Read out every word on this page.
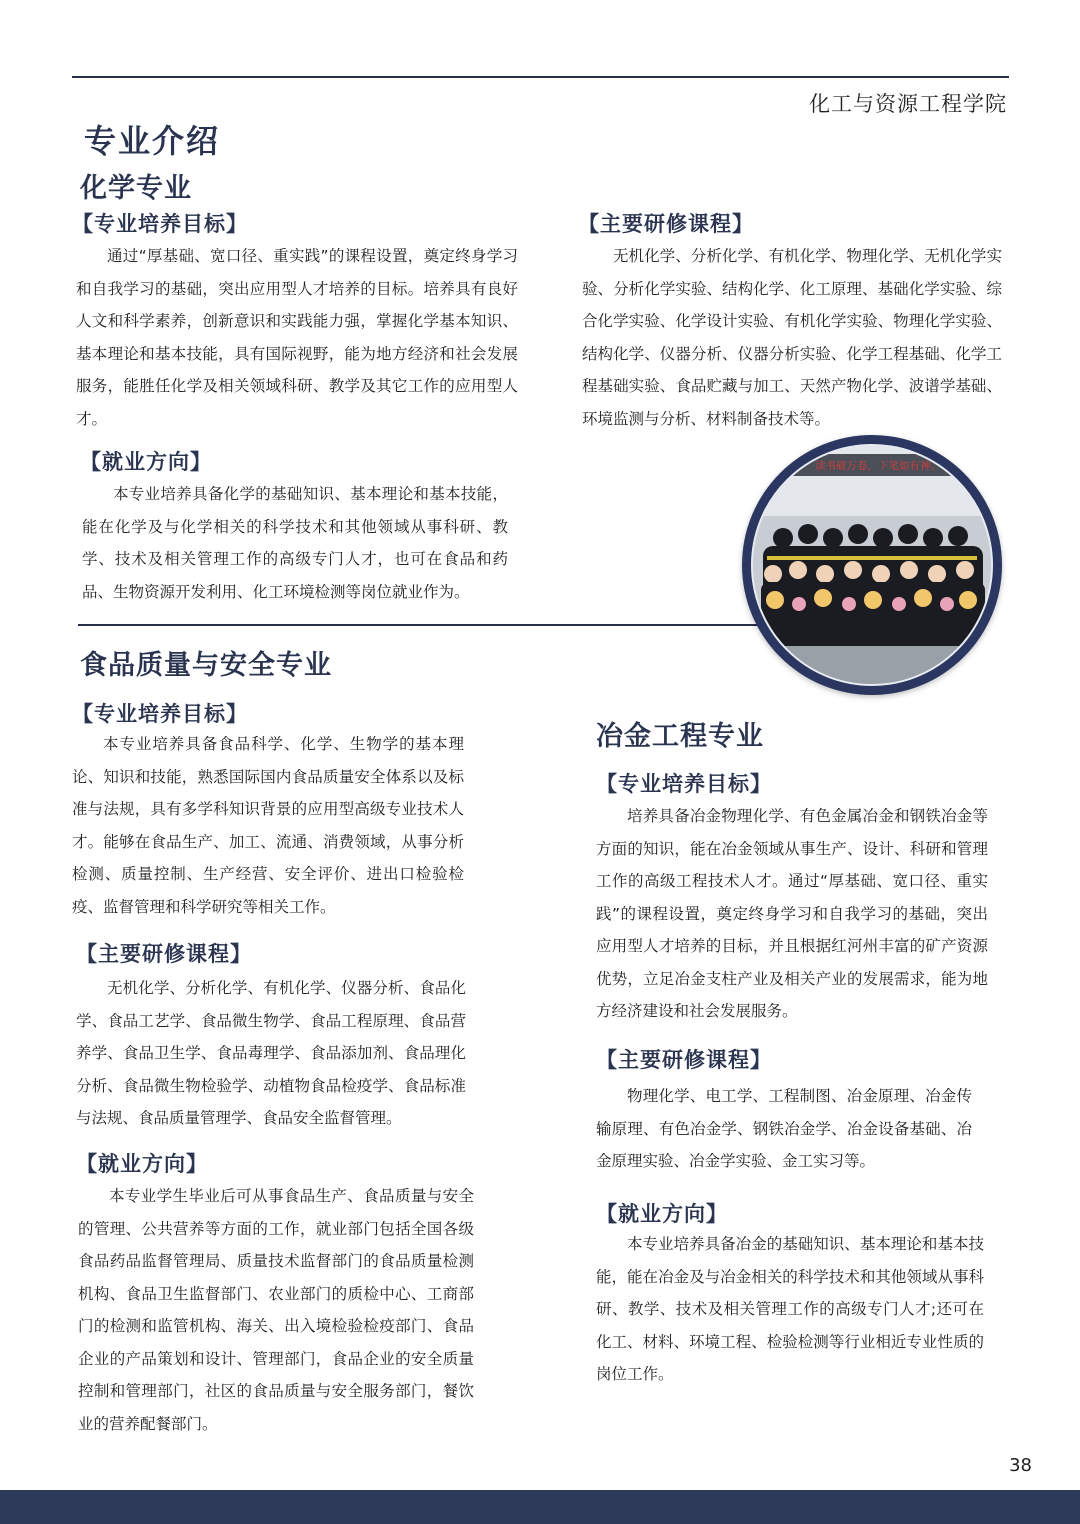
化工与资源工程学院
专业介绍
化学专业
【专业培养目标】

通过“厚基础、宽口径、重实践”的课程设置，奠定终身学习和自我学习的基础，突出应用型人才培养的目标。培养具有良好人文和科学素养，创新意识和实践能力强，掌握化学基本知识、基本理论和基本技能，具有国际视野，能为地方经济和社会发展服务，能胜任化学及相关领域科研、教学及其它工作的应用型人才。

【就业方向】

本专业培养具备化学的基础知识、基本理论和基本技能，能在化学及与化学相关的科学技术和其他领域从事科研、教学、技术及相关管理工作的高级专门人才，也可在食品和药品、生物资源开发利用、化工环境检测等岗位就业作为。

【主要研修课程】

无机化学、分析化学、有机化学、物理化学、无机化学实验、分析化学实验、结构化学、化工原理、基础化学实验、综合化学实验、化学设计实验、有机化学实验、物理化学实验、结构化学、仪器分析、仪器分析实验、化学工程基础、化学工程基础实验、食品贮藏与加工、天然产物化学、波谱学基础、环境监测与分析、材料制备技术等。

读书破万卷，下笔如有神。
食品质量与安全专业
【专业培养目标】

本专业培养具备食品科学、化学、生物学的基本理论、知识和技能，熟悉国际国内食品质量安全体系以及标准与法规，具有多学科知识背景的应用型高级专业技术人才。能够在食品生产、加工、流通、消费领域，从事分析检测、质量控制、生产经营、安全评价、进出口检验检疫、监督管理和科学研究等相关工作。

【主要研修课程】

无机化学、分析化学、有机化学、仪器分析、食品化学、食品工艺学、食品微生物学、食品工程原理、食品营养学、食品卫生学、食品毒理学、食品添加剂、食品理化分析、食品微生物检验学、动植物食品检疫学、食品标准与法规、食品质量管理学、食品安全监督管理。

【就业方向】

本专业学生毕业后可从事食品生产、食品质量与安全的管理、公共营养等方面的工作，就业部门包括全国各级食品药品监督管理局、质量技术监督部门的食品质量检测机构、食品卫生监督部门、农业部门的质检中心、工商部门的检测和监管机构、海关、出入境检验检疫部门、食品企业的产品策划和设计、管理部门，食品企业的安全质量控制和管理部门，社区的食品质量与安全服务部门，餐饮业的营养配餐部门。

冶金工程专业
【专业培养目标】

培养具备冶金物理化学、有色金属冶金和钢铁冶金等方面的知识，能在冶金领域从事生产、设计、科研和管理工作的高级工程技术人才。通过“厚基础、宽口径、重实践”的课程设置，奠定终身学习和自我学习的基础，突出应用型人才培养的目标，并且根据红河州丰富的矿产资源优势，立足冶金支柱产业及相关产业的发展需求，能为地方经济建设和社会发展服务。

【主要研修课程】

物理化学、电工学、工程制图、冶金原理、冶金传输原理、有色冶金学、钢铁冶金学、冶金设备基础、冶金原理实验、冶金学实验、金工实习等。

【就业方向】

本专业培养具备冶金的基础知识、基本理论和基本技能，能在冶金及与冶金相关的科学技术和其他领域从事科研、教学、技术及相关管理工作的高级专门人才;还可在化工、材料、环境工程、检验检测等行业相近专业性质的岗位工作。

38
